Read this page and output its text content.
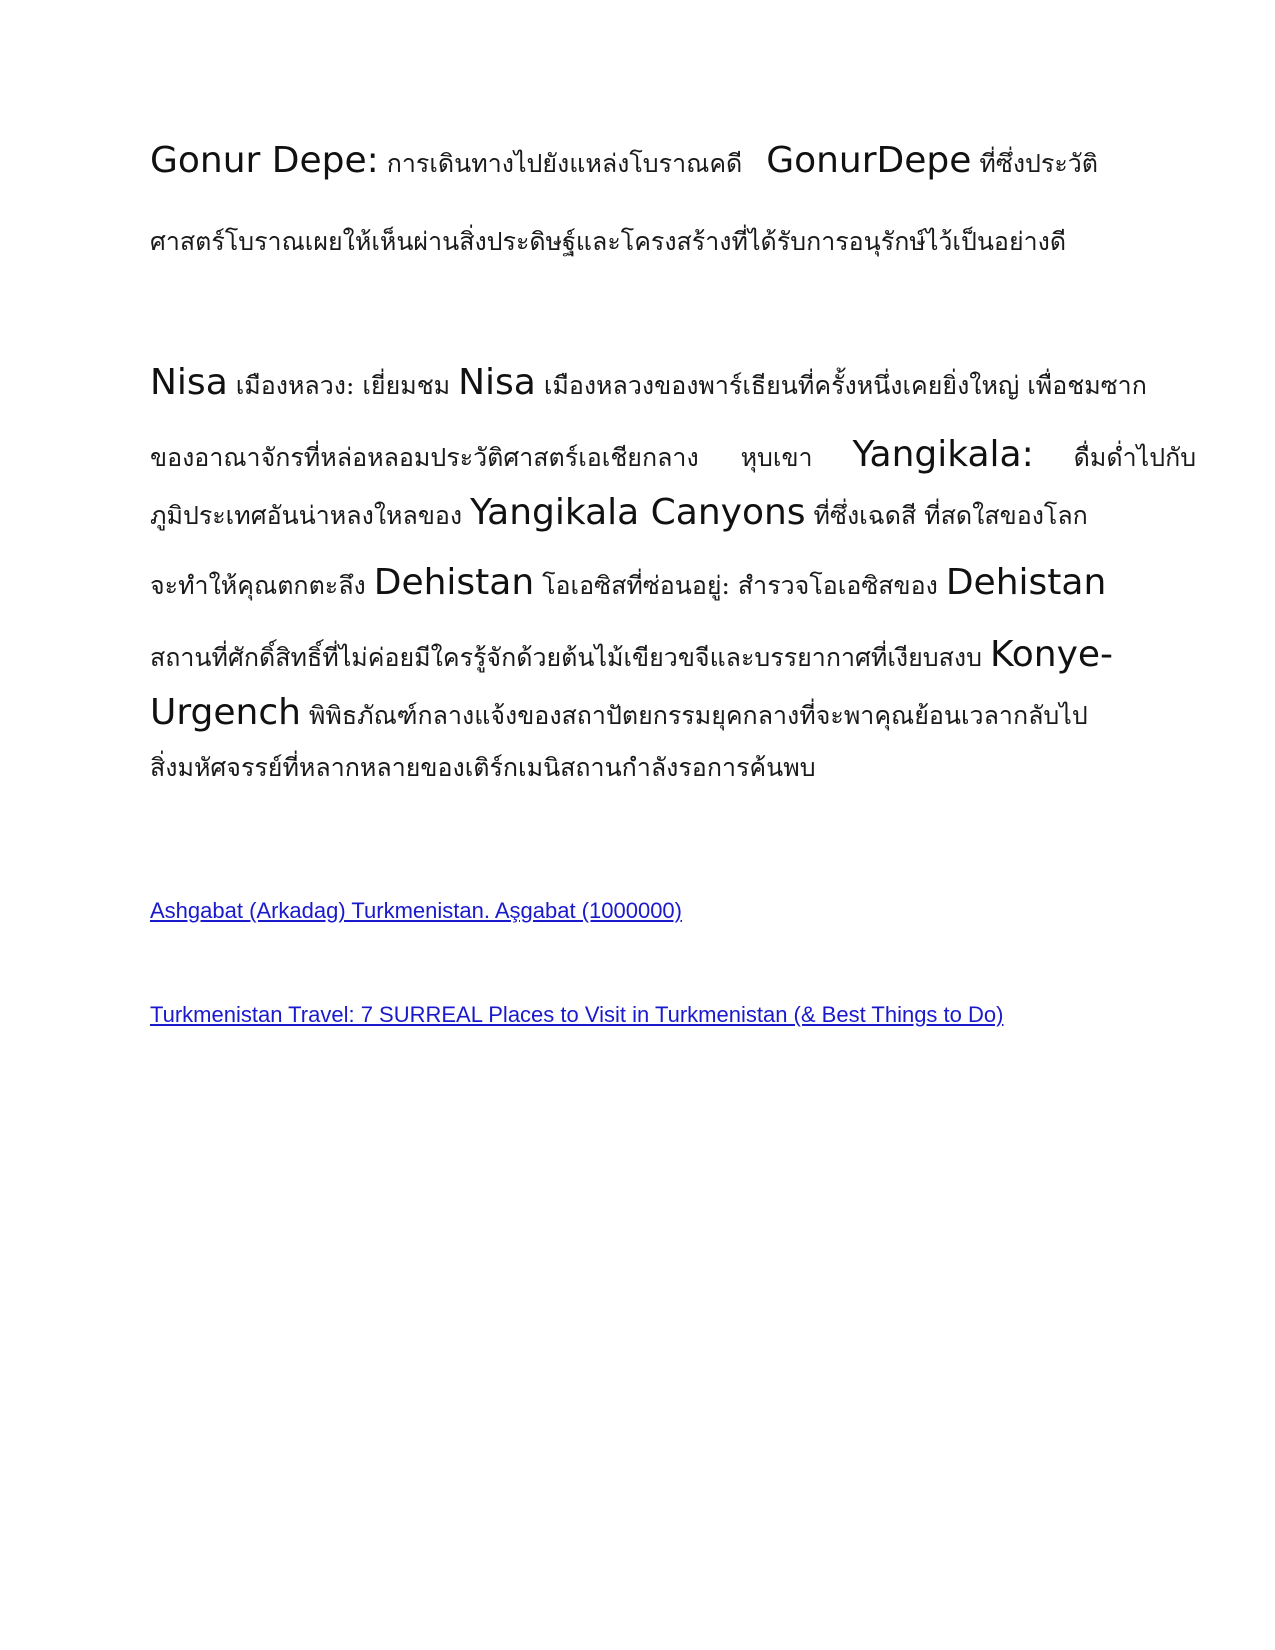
Gonur Depe: การเดินทางไปยังแหล่งโบราณคดี GonurDepe ที่ซึ่งประวัติ
ศาสตร์โบราณเผยให้เห็นผ่านสิ่งประดิษฐ์และโครงสร้างที่ได้รับการอนุรักษ์ไว้เป็นอย่างดี
Nisa เมืองหลวง: เยี่ยมชม Nisa เมืองหลวงของพาร์เธียนที่ครั้งหนึ่งเคยยิ่งใหญ่ เพื่อชมซาก
ของอาณาจักรที่หล่อหลอมประวัติศาสตร์เอเชียกลาง หุบเขา Yangikala: ดื่มด่ำไปกับ
ภูมิประเทศอันน่าหลงใหลของ Yangikala Canyons ที่ซึ่งเฉดสี ที่สดใสของโลก
จะทำให้คุณตกตะลึง Dehistan โอเอซิสที่ซ่อนอยู่: สำรวจโอเอซิสของ Dehistan
สถานที่ศักดิ์สิทธิ์ที่ไม่ค่อยมีใครรู้จักด้วยต้นไม้เขียวขจีและบรรยากาศที่เงียบสงบ Konye-
Urgench พิพิธภัณฑ์กลางแจ้งของสถาปัตยกรรมยุคกลางที่จะพาคุณย้อนเวลากลับไป
สิ่งมหัศจรรย์ที่หลากหลายของเติร์กเมนิสถานกำลังรอการค้นพบ
Ashgabat (Arkadag) Turkmenistan. Aşgabat (1000000)
Turkmenistan Travel: 7 SURREAL Places to Visit in Turkmenistan (& Best Things to Do)
